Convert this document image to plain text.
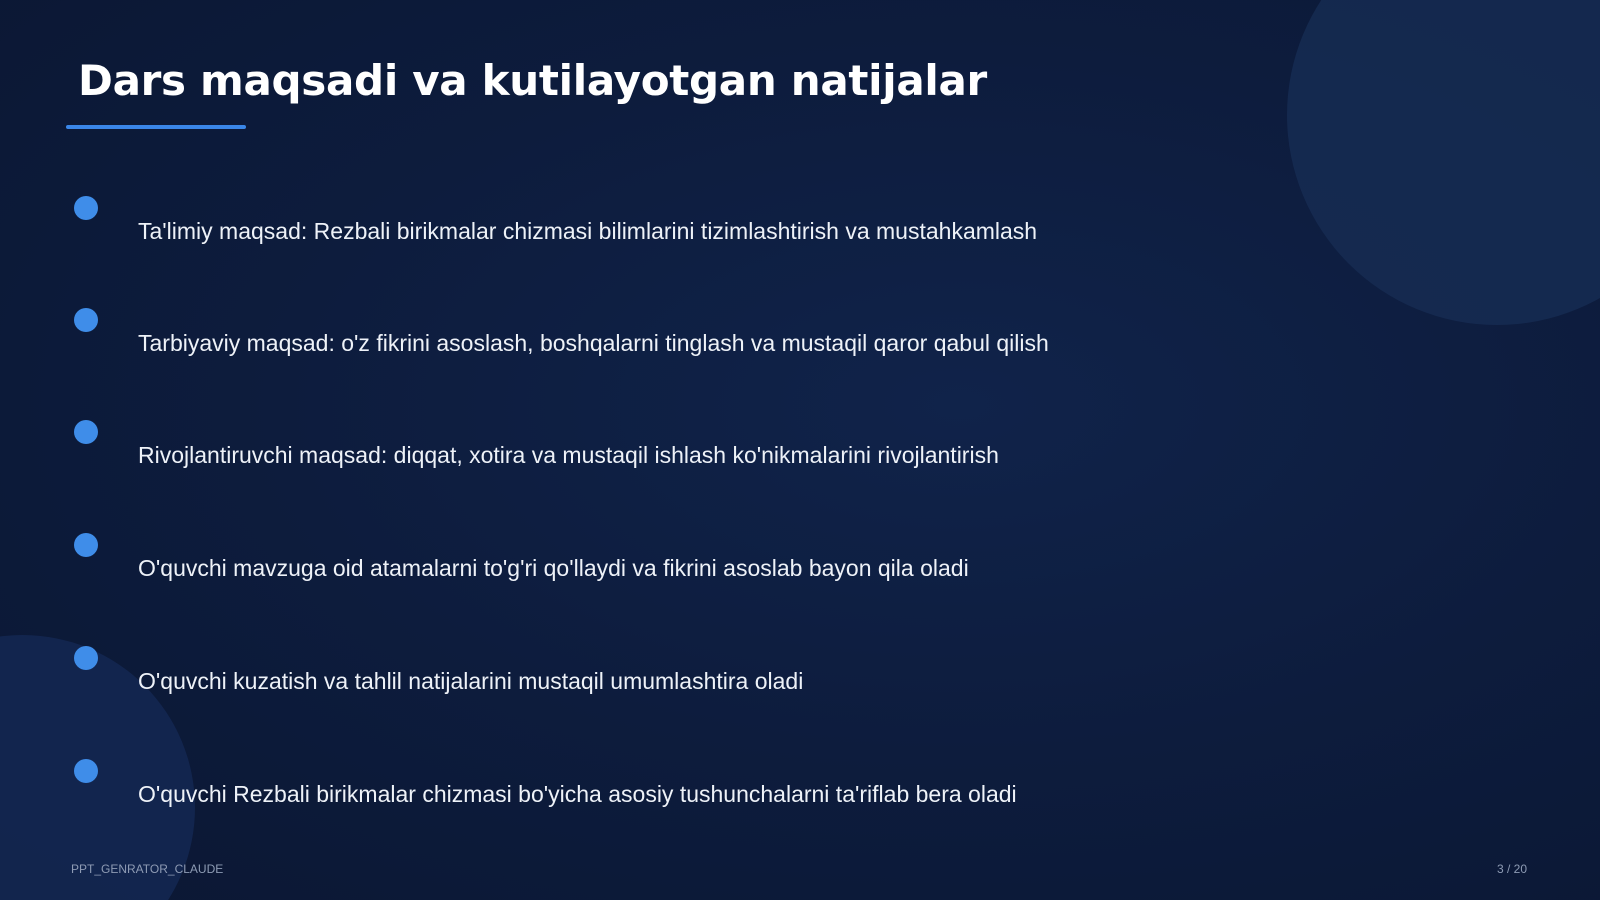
Dars maqsadi va kutilayotgan natijalar
Ta'limiy maqsad: Rezbali birikmalar chizmasi bilimlarini tizimlashtirish va mustahkamlash
Tarbiyaviy maqsad: o'z fikrini asoslash, boshqalarni tinglash va mustaqil qaror qabul qilish
Rivojlantiruvchi maqsad: diqqat, xotira va mustaqil ishlash ko'nikmalarini rivojlantirish
O'quvchi mavzuga oid atamalarni to'g'ri qo'llaydi va fikrini asoslab bayon qila oladi
O'quvchi kuzatish va tahlil natijalarini mustaqil umumlashtira oladi
O'quvchi Rezbali birikmalar chizmasi bo'yicha asosiy tushunchalarni ta'riflab bera oladi
PPT_GENRATOR_CLAUDE	3 / 20
